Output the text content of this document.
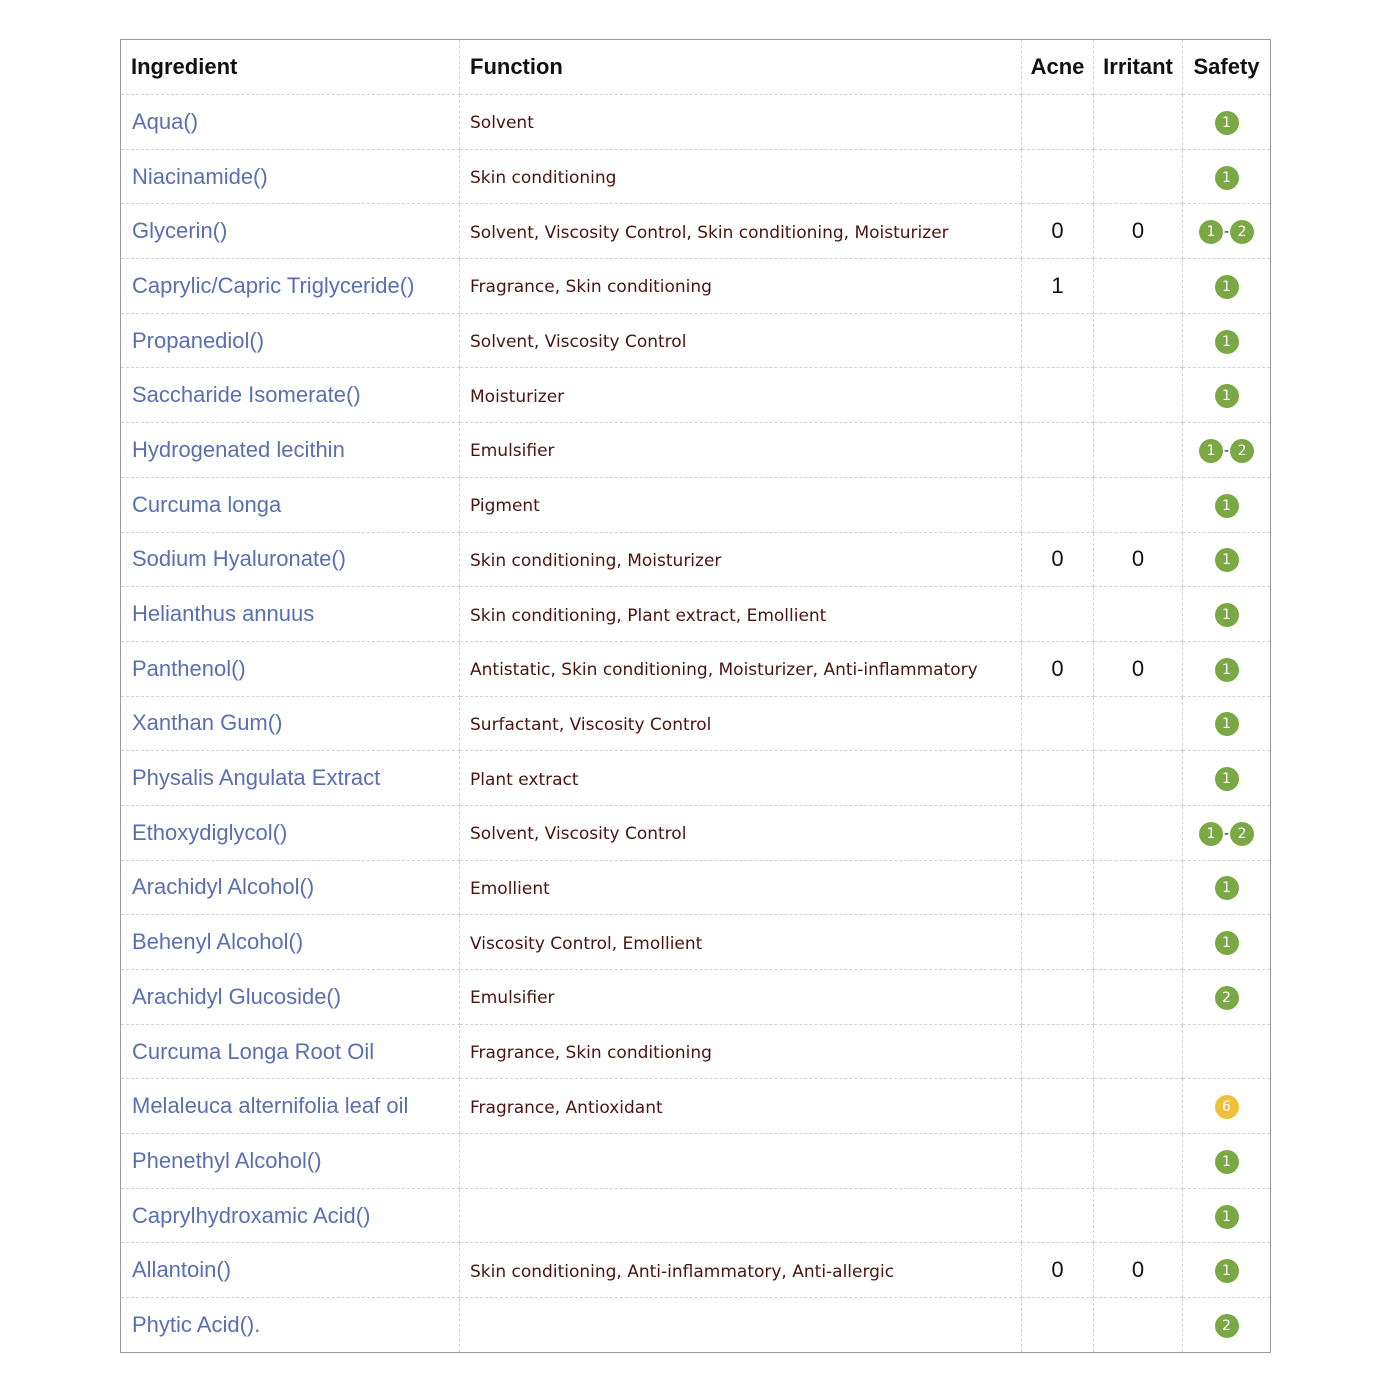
Ingredient	Function	Acne	Irritant	Safety
Aqua()	Solvent			1
Niacinamide()	Skin conditioning			1
Glycerin()	Solvent, Viscosity Control, Skin conditioning, Moisturizer	0	0	1 - 2
Caprylic/Capric Triglyceride()	Fragrance, Skin conditioning	1		1
Propanediol()	Solvent, Viscosity Control			1
Saccharide Isomerate()	Moisturizer			1
Hydrogenated lecithin	Emulsifier			1 - 2
Curcuma longa	Pigment			1
Sodium Hyaluronate()	Skin conditioning, Moisturizer	0	0	1
Helianthus annuus	Skin conditioning, Plant extract, Emollient			1
Panthenol()	Antistatic, Skin conditioning, Moisturizer, Anti-inflammatory	0	0	1
Xanthan Gum()	Surfactant, Viscosity Control			1
Physalis Angulata Extract	Plant extract			1
Ethoxydiglycol()	Solvent, Viscosity Control			1 - 2
Arachidyl Alcohol()	Emollient			1
Behenyl Alcohol()	Viscosity Control, Emollient			1
Arachidyl Glucoside()	Emulsifier			2
Curcuma Longa Root Oil	Fragrance, Skin conditioning			
Melaleuca alternifolia leaf oil	Fragrance, Antioxidant			6
Phenethyl Alcohol()				1
Caprylhydroxamic Acid()				1
Allantoin()	Skin conditioning, Anti-inflammatory, Anti-allergic	0	0	1
Phytic Acid().				2
